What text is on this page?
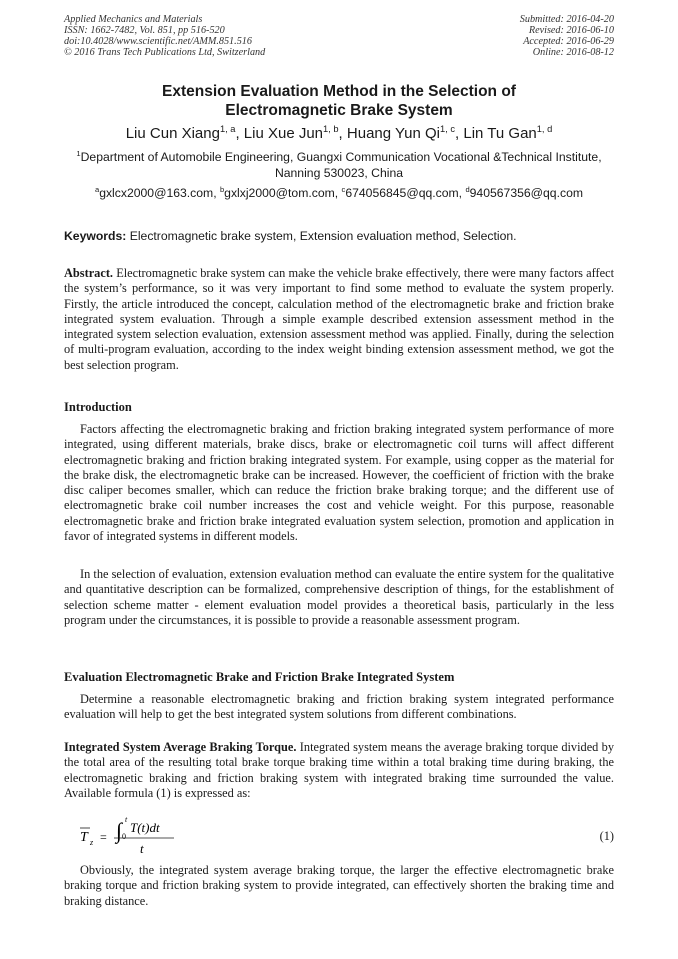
Applied Mechanics and Materials
ISSN: 1662-7482, Vol. 851, pp 516-520
doi:10.4028/www.scientific.net/AMM.851.516
© 2016 Trans Tech Publications Ltd, Switzerland
Submitted: 2016-04-20
Revised: 2016-06-10
Accepted: 2016-06-29
Online: 2016-08-12
Extension Evaluation Method in the Selection of
Electromagnetic Brake System
Liu Cun Xiang$^{1, a}$, Liu Xue Jun$^{1, b}$, Huang Yun Qi$^{1, c}$, Lin Tu Gan$^{1, d}$
$^1$Department of Automobile Engineering, Guangxi Communication Vocational &Technical Institute,
Nanning 530023, China
$^a$gxlcx2000@163.com, $^b$gxlxj2000@tom.com, $^c$674056845@qq.com, $^d$940567356@qq.com
Keywords: Electromagnetic brake system, Extension evaluation method, Selection.
Abstract. Electromagnetic brake system can make the vehicle brake effectively, there were many factors affect the system’s performance, so it was very important to find some method to evaluate the system properly. Firstly, the article introduced the concept, calculation method of the electromagnetic brake and friction brake integrated system evaluation. Through a simple example described extension assessment method in the integrated system selection evaluation, extension assessment method was applied. Finally, during the selection of multi-program evaluation, according to the index weight binding extension assessment method, we got the best selection program.
Introduction
Factors affecting the electromagnetic braking and friction braking integrated system performance of more integrated, using different materials, brake discs, brake or electromagnetic coil turns will affect different electromagnetic braking and friction braking integrated system. For example, using copper as the material for the brake disk, the electromagnetic brake can be increased. However, the coefficient of friction with the brake disc caliper becomes smaller, which can reduce the friction brake braking torque; and the different use of electromagnetic brake coil number increases the cost and vehicle weight. For this purpose, reasonable electromagnetic brake and friction brake integrated evaluation system selection, promotion and application in favor of integrated systems in different models.
In the selection of evaluation, extension evaluation method can evaluate the entire system for the qualitative and quantitative description can be formalized, comprehensive description of things, for the establishment of selection scheme matter - element evaluation model provides a theoretical basis, particularly in the less program under the circumstances, it is possible to provide a reasonable assessment program.
Evaluation Electromagnetic Brake and Friction Brake Integrated System
Determine a reasonable electromagnetic braking and friction braking system integrated performance evaluation will help to get the best integrated system solutions from different combinations.
Integrated System Average Braking Torque. Integrated system means the average braking torque divided by the total area of the resulting total brake torque braking time within a total braking time during braking, the electromagnetic braking and friction braking system with integrated braking time surrounded the value. Available formula (1) is expressed as:
T z = ∫ t
0
T(t)dt
t
(1)
Obviously, the integrated system average braking torque, the larger the effective electromagnetic brake braking torque and friction braking system to provide integrated, can effectively shorten the braking time and braking distance.
